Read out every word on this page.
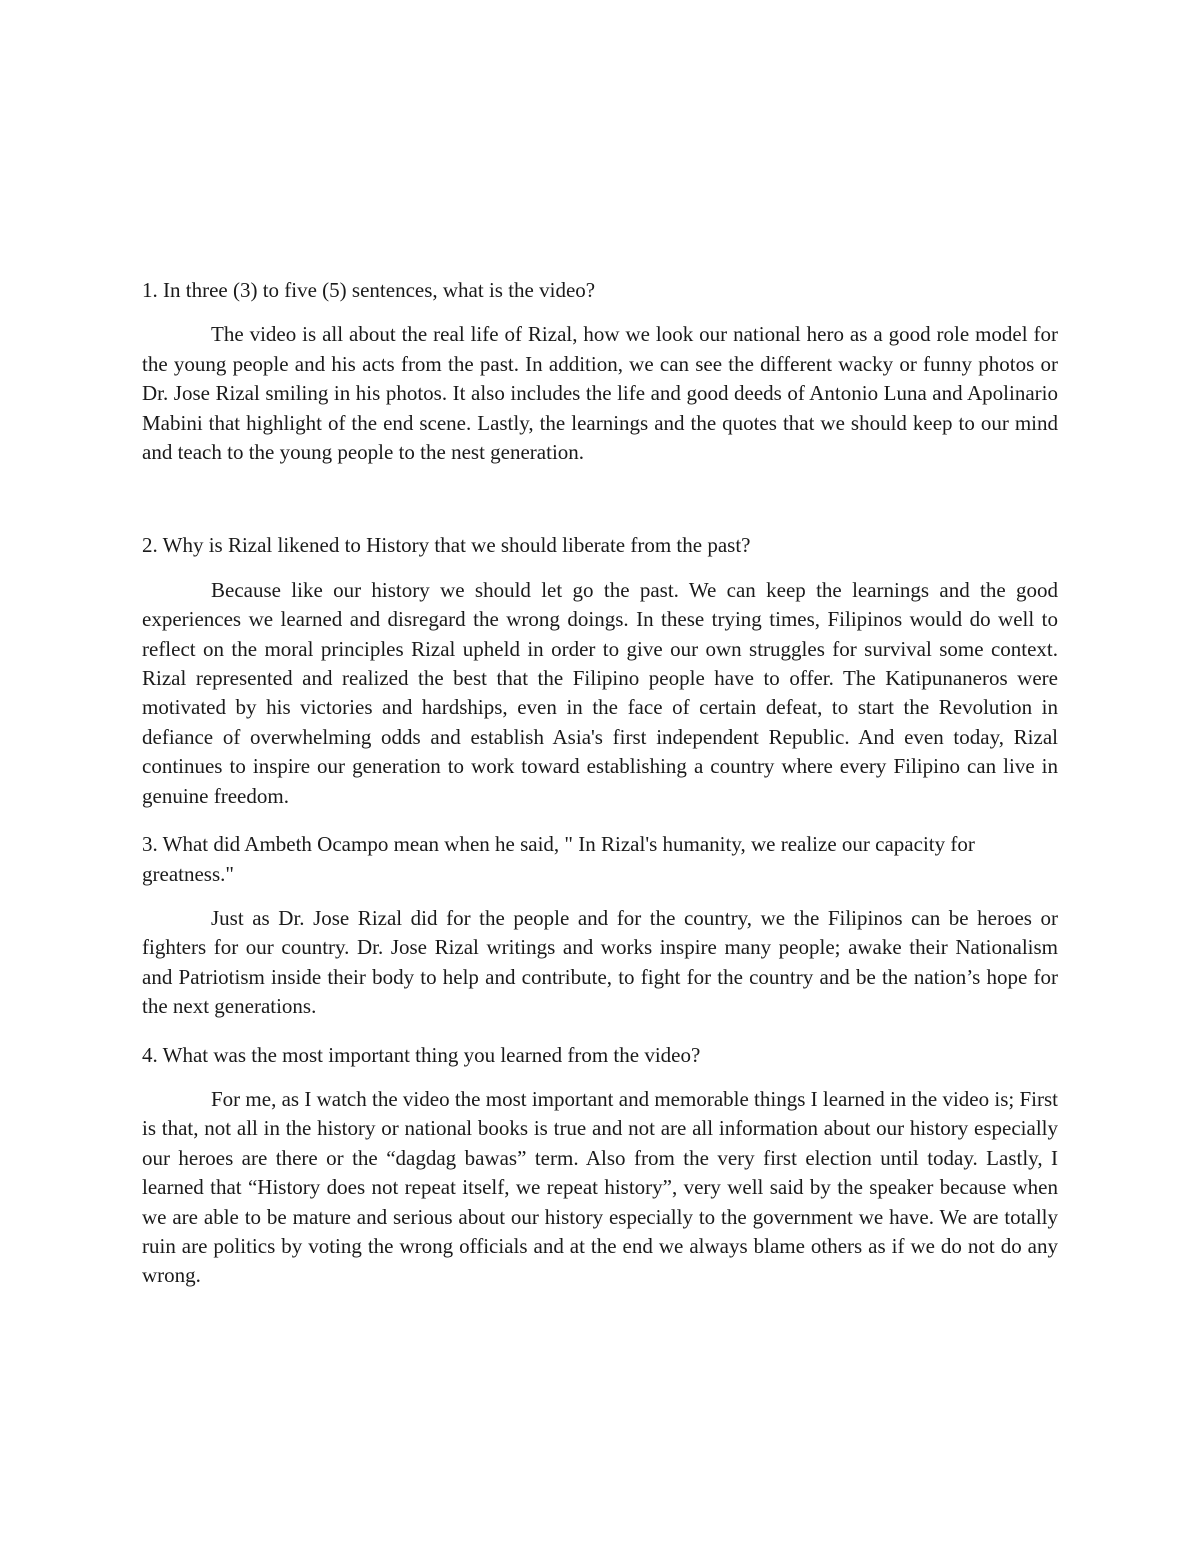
1. In three (3) to five (5) sentences, what is the video?

The video is all about the real life of Rizal, how we look our national hero as a good role model for the young people and his acts from the past. In addition, we can see the different wacky or funny photos or Dr. Jose Rizal smiling in his photos. It also includes the life and good deeds of Antonio Luna and Apolinario Mabini that highlight of the end scene. Lastly, the learnings and the quotes that we should keep to our mind and teach to the young people to the nest generation.

2. Why is Rizal likened to History that we should liberate from the past?

Because like our history we should let go the past. We can keep the learnings and the good experiences we learned and disregard the wrong doings. In these trying times, Filipinos would do well to reflect on the moral principles Rizal upheld in order to give our own struggles for survival some context. Rizal represented and realized the best that the Filipino people have to offer. The Katipunaneros were motivated by his victories and hardships, even in the face of certain defeat, to start the Revolution in defiance of overwhelming odds and establish Asia's first independent Republic. And even today, Rizal continues to inspire our generation to work toward establishing a country where every Filipino can live in genuine freedom.

3. What did Ambeth Ocampo mean when he said, " In Rizal's humanity, we realize our capacity for greatness."

Just as Dr. Jose Rizal did for the people and for the country, we the Filipinos can be heroes or fighters for our country. Dr. Jose Rizal writings and works inspire many people; awake their Nationalism and Patriotism inside their body to help and contribute, to fight for the country and be the nation’s hope for the next generations.

4. What was the most important thing you learned from the video?

For me, as I watch the video the most important and memorable things I learned in the video is; First is that, not all in the history or national books is true and not are all information about our history especially our heroes are there or the “dagdag bawas” term. Also from the very first election until today. Lastly, I learned that “History does not repeat itself, we repeat history”, very well said by the speaker because when we are able to be mature and serious about our history especially to the government we have. We are totally ruin are politics by voting the wrong officials and at the end we always blame others as if we do not do any wrong.
